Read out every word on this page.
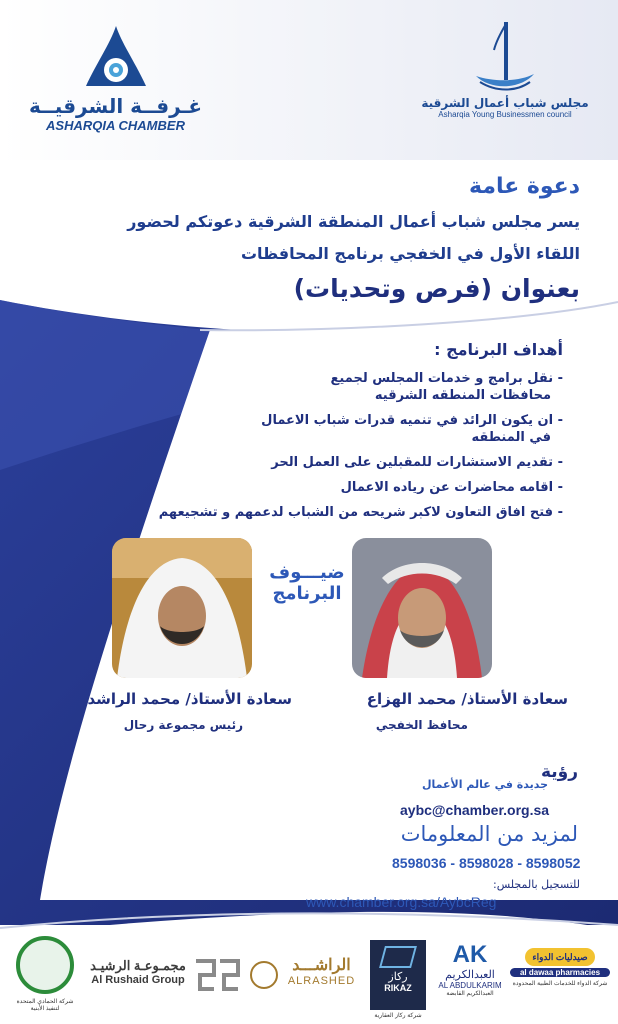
غـرفــة الشرقيــة
ASHARQIA CHAMBER
مجلس شباب أعمال الشرقية
Asharqia Young Businessmen council
دعوة عامة
يسر مجلس شباب أعمال المنطقة الشرقية دعوتكم لحضور
اللقاء الأول في الخفجي برنامج المحافظات
بعنوان (فرص وتحديات)
أهداف البرنامج :
- نقل برامج و خدمات المجلس لجميع
محافظات المنطقه الشرقيه
- ان يكون الرائد في تنميه قدرات شباب الاعمال
في المنطقه
- تقديم الاستشارات للمقبلين على العمل الحر
- اقامه محاضرات عن رياده الاعمال
- فتح افاق التعاون لاكبر شريحه من الشباب لدعمهم و تشجيعهم
ضيـــوف
البرنامج
سعادة الأستاذ/ محمد الهزاع
محافظ الخفجي
سعادة الأستاذ/ محمد الراشد
رئيس مجموعة رحال
الموعد : الأحد ١/٢/٢٠١٥م
الوقـت : الساعة ٦:٠٠ مساءً
المكان : قاعة الخفجي للإحتفالات
مدينة الخفجي
رؤية
جديدة في عالم الأعمال
aybc@chamber.org.sa
لمزيد من المعلومات
8598036 - 8598028 - 8598052
للتسجيل بالمجلس:
www.chamber.org.sa/AybcReg
صيدليات الدواء
al dawaa pharmacies
شركة الدواء للخدمات الطبية المحدودة
AK
العبدالكريم
AL ABDULKARIM
العبدالكريم القابضة
ركاز
RIKAZ
شركة ركاز العقارية
الراشـــد
ALRASHED
مجمـوعـة الرشيـد
Al Rushaid Group
شركة الحمادي المتحدة لتنفيذ الأبنية
